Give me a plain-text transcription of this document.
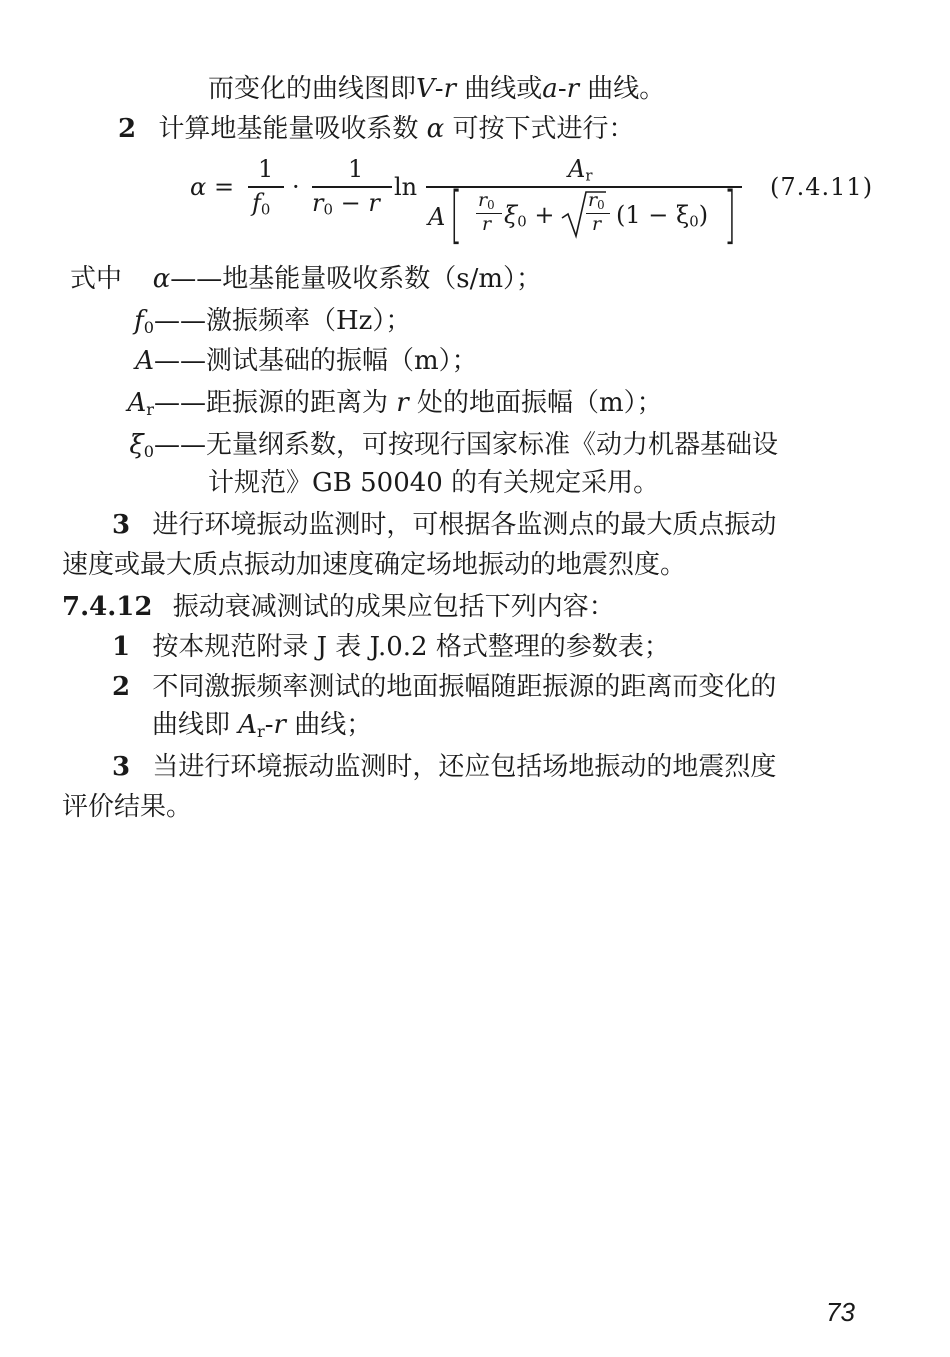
而变化的曲线图即V-r 曲线或a-r 曲线。
2 计算地基能量吸收系数 α 可按下式进行：
α =
1
$f_0$
·
1
$r_0 - r$
ln
$A_r$
A [ $r_0$
r $\xi_0$ +
$r_0$
r $(1 - \xi_0)$ ] (7.4.11)
式中 α——地基能量吸收系数（s/m）；
$f_0——$激振频率（Hz）；
A——测试基础的振幅（m）；
$A_r——$距振源的距离为 r 处的地面振幅（m）；
$\xi_0——$无量纲系数，可按现行国家标准《动力机器基础设
计规范》GB 50040 的有关规定采用。
3 进行环境振动监测时，可根据各监测点的最大质点振动
速度或最大质点振动加速度确定场地振动的地震烈度。
7.4.12 振动衰减测试的成果应包括下列内容：
1 按本规范附录 J 表 J.0.2 格式整理的参数表；
2 不同激振频率测试的地面振幅随距振源的距离而变化的
曲线即 $A_r-r$ 曲线；
3 当进行环境振动监测时，还应包括场地振动的地震烈度
评价结果。
73
